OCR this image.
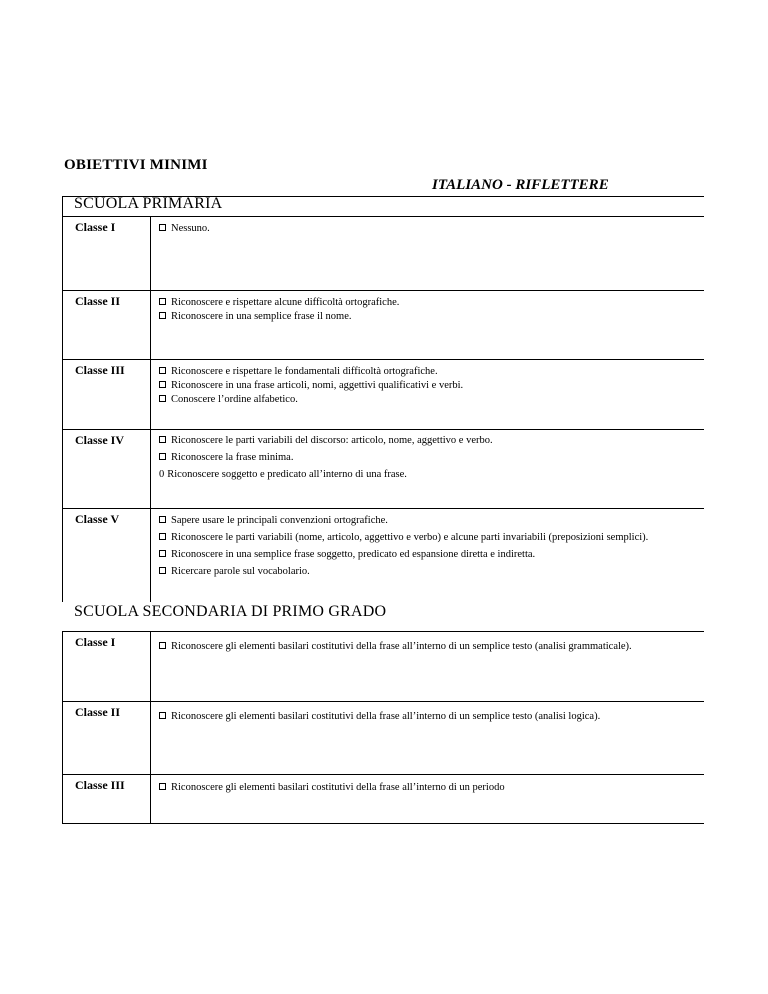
OBIETTIVI MINIMI
ITALIANO - RIFLETTERE
SCUOLA PRIMARIA
Classe I	Nessuno.
Classe II	Riconoscere e rispettare alcune difficoltà ortografiche.
Riconoscere in una semplice frase il nome.
Classe III	Riconoscere e rispettare le fondamentali difficoltà ortografiche.
Riconoscere in una frase articoli, nomi, aggettivi qualificativi e verbi.
Conoscere l’ordine alfabetico.
Classe IV	Riconoscere le parti variabili del discorso: articolo, nome, aggettivo e verbo.
Riconoscere la frase minima.
0 Riconoscere soggetto e predicato all’interno di una frase.
Classe V	Sapere usare le principali convenzioni ortografiche.
Riconoscere le parti variabili (nome, articolo, aggettivo e verbo) e alcune parti invariabili (preposizioni semplici).
Riconoscere in una semplice frase soggetto, predicato ed espansione diretta e indiretta.
Ricercare parole sul vocabolario.
SCUOLA SECONDARIA DI PRIMO GRADO
Classe I	Riconoscere gli elementi basilari costitutivi della frase all’interno di un semplice testo (analisi grammaticale).
Classe II	Riconoscere gli elementi basilari costitutivi della frase all’interno di un semplice testo (analisi logica).
Classe III	Riconoscere gli elementi basilari costitutivi della frase all’interno di un periodo
